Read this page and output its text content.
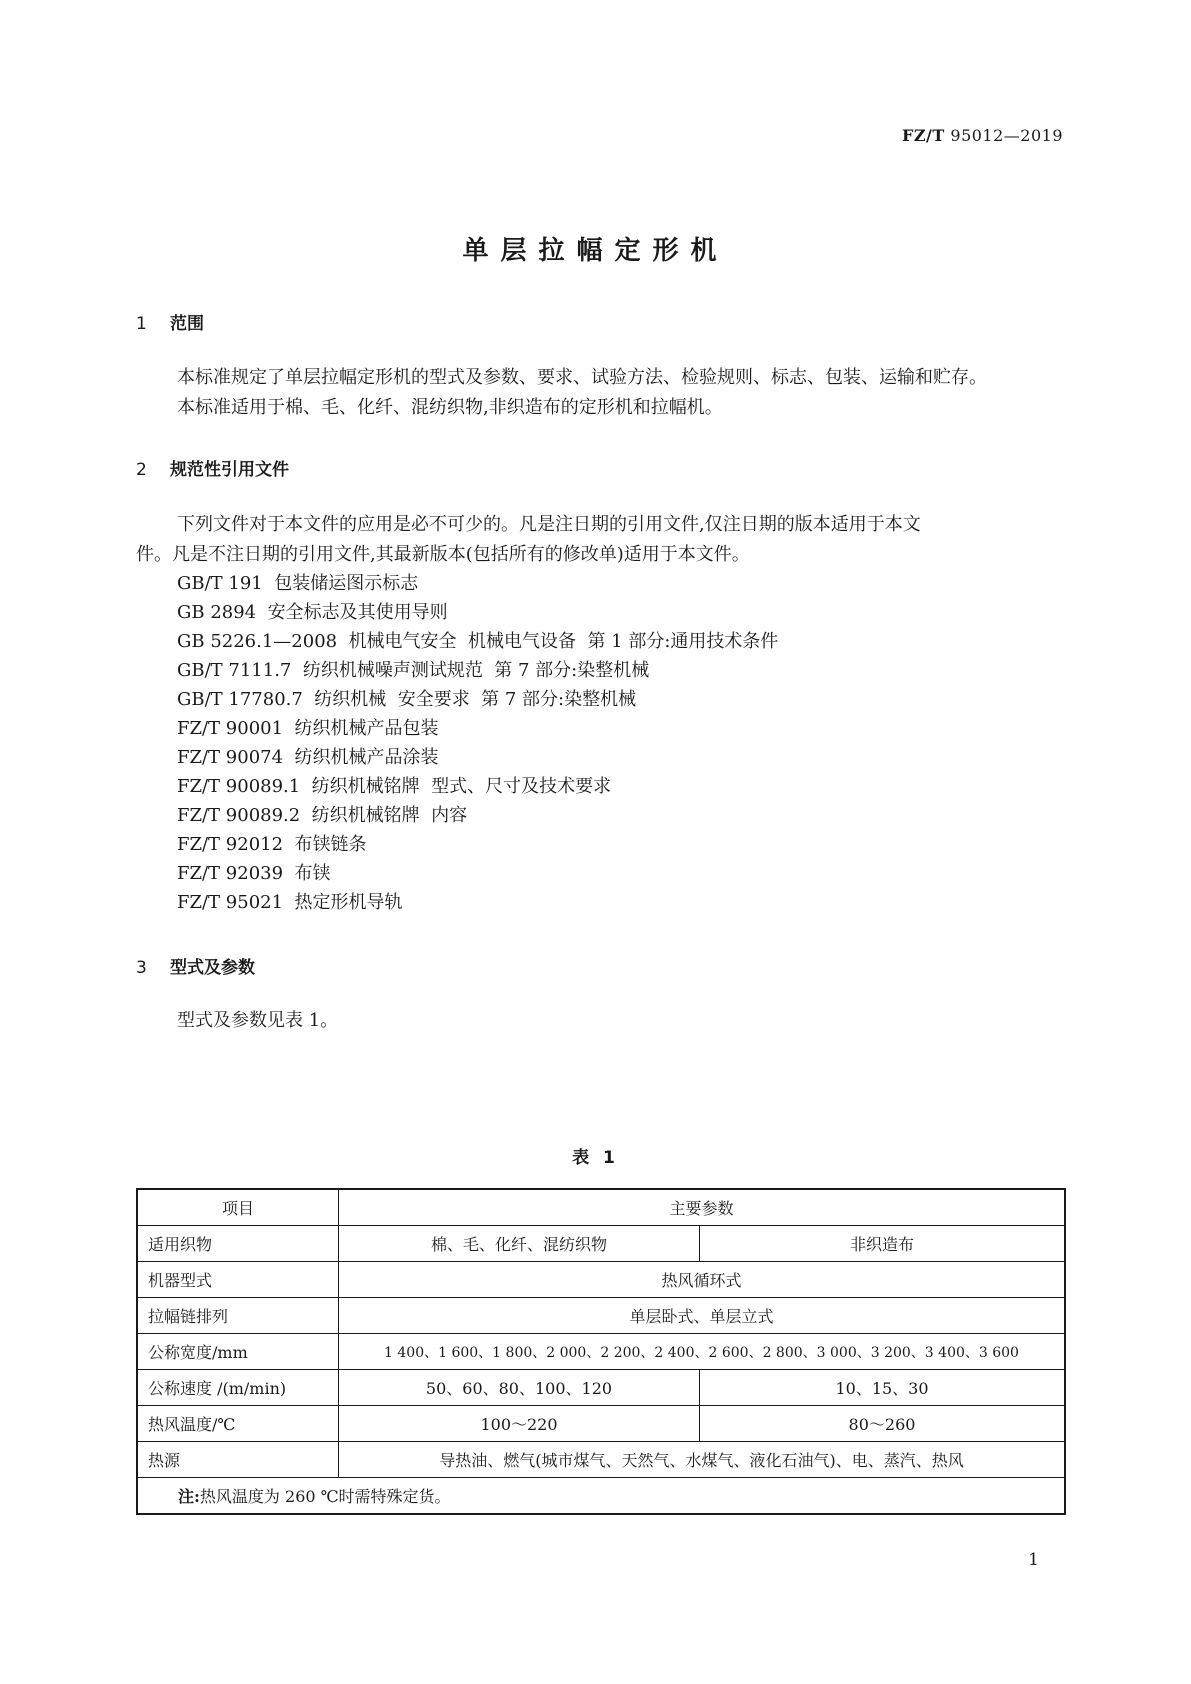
FZ/T 95012—2019
单层拉幅定形机
1 范围
本标准规定了单层拉幅定形机的型式及参数、要求、试验方法、检验规则、标志、包装、运输和贮存。
本标准适用于棉、毛、化纤、混纺织物,非织造布的定形机和拉幅机。
2 规范性引用文件
下列文件对于本文件的应用是必不可少的。凡是注日期的引用文件,仅注日期的版本适用于本文
件。凡是不注日期的引用文件,其最新版本(包括所有的修改单)适用于本文件。
GB/T 191  包装储运图示标志
GB 2894  安全标志及其使用导则
GB 5226.1—2008  机械电气安全  机械电气设备  第 1 部分:通用技术条件
GB/T 7111.7  纺织机械噪声测试规范  第 7 部分:染整机械
GB/T 17780.7  纺织机械  安全要求  第 7 部分:染整机械
FZ/T 90001  纺织机械产品包装
FZ/T 90074  纺织机械产品涂装
FZ/T 90089.1  纺织机械铭牌  型式、尺寸及技术要求
FZ/T 90089.2  纺织机械铭牌  内容
FZ/T 92012  布铗链条
FZ/T 92039  布铗
FZ/T 95021  热定形机导轨
3 型式及参数
型式及参数见表 1。
表 1
项目	主要参数	
适用织物	棉、毛、化纤、混纺织物	非织造布
机器型式	热风循环式	
拉幅链排列	单层卧式、单层立式	
公称宽度/mm	1 400、1 600、1 800、2 000、2 200、2 400、2 600、2 800、3 000、3 200、3 400、3 600	
公称速度 /(m/min)	50、60、80、100、120	10、15、30
热风温度/℃	100～220	80～260
热源	导热油、燃气(城市煤气、天然气、水煤气、液化石油气)、电、蒸汽、热风	
注:热风温度为 260 ℃时需特殊定货。		
1
